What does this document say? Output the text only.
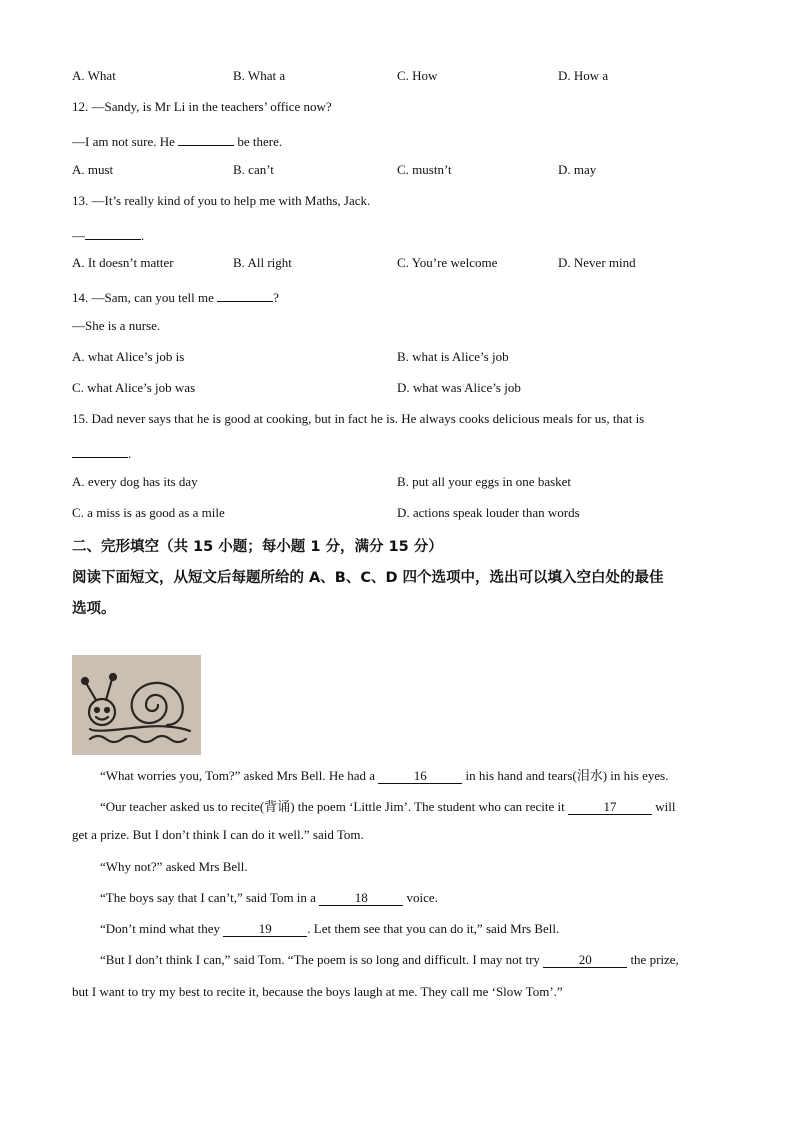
A. What	B. What a	C. How	D. How a
12. —Sandy, is Mr Li in the teachers’ office now?
—I am not sure. He	be there.
A. must	B. can’t	C. mustn’t	D. may
13. —It’s really kind of you to help me with Maths, Jack.
—	.
A. It doesn’t matter	B. All right	C. You’re welcome	D. Never mind
14. —Sam, can you tell me	?
—She is a nurse.
A. what Alice’s job is	B. what is Alice’s job
C. what Alice’s job was	D. what was Alice’s job
15. Dad never says that he is good at cooking, but in fact he is. He always cooks delicious meals for us, that is
.
A. every dog has its day	B. put all your eggs in one basket
C. a miss is as good as a mile	D. actions speak louder than words
二、完形填空（共 15 小题；每小题 1 分，满分 15 分）
阅读下面短文，从短文后每题所给的 A、B、C、D 四个选项中，选出可以填入空白处的最佳
选项。
“What worries you, Tom?” asked Mrs Bell. He had a	16	in his hand and tears(泪水) in his eyes.
“Our teacher asked us to recite(背诵) the poem ‘Little Jim’. The student who can recite it	17	will
get a prize. But I don’t think I can do it well.” said Tom.
“Why not?” asked Mrs Bell.
“The boys say that I can’t,” said Tom in a	18	voice.
“Don’t mind what they	19	. Let them see that you can do it,” said Mrs Bell.
“But I don’t think I can,” said Tom. “The poem is so long and difficult. I may not try	20	the prize,
but I want to try my best to recite it, because the boys laugh at me. They call me ‘Slow Tom’.”
